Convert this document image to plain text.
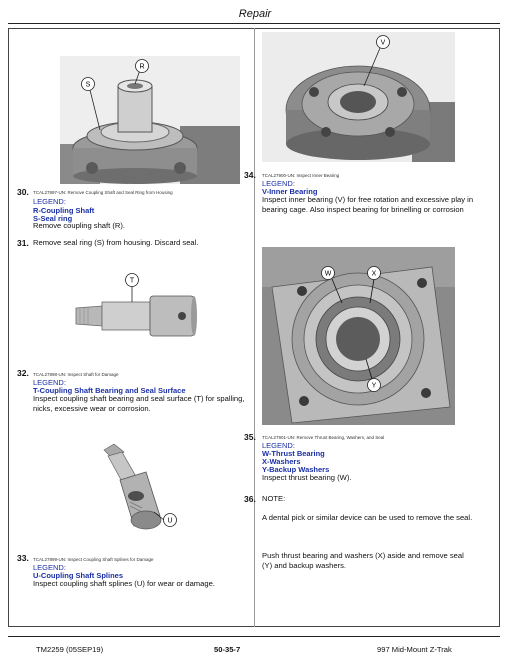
Repair
R
S
30. TCAL27897-UN: Remove Coupling Shaft and Seal Ring from Housing
LEGEND:
R-Coupling Shaft
S-Seal ring
Remove coupling shaft (R).
31. Remove seal ring (S) from housing. Discard seal.
T
32. TCAL27898-UN: Inspect Shaft for Damage
LEGEND:
T-Coupling Shaft Bearing and Seal Surface
Inspect coupling shaft bearing and seal surface (T) for spalling, nicks, excessive wear or corrosion.
U
33. TCAL27899-UN: Inspect Coupling Shaft Splines for Damage
LEGEND:
U-Coupling Shaft Splines
Inspect coupling shaft splines (U) for wear or damage.
V
34. TCAL27900-UN: Inspect Inner Bearing
LEGEND:
V-Inner Bearing
Inspect inner bearing (V) for free rotation and excessive play in bearing cage. Also inspect bearing for brinelling or corrosion
W	X
Y
35. TCAL27901-UN: Remove Thrust Bearing, Washers, and Seal
LEGEND:
W-Thrust Bearing
X-Washers
Y-Backup Washers
Inspect thrust bearing (W).
36. NOTE:
A dental pick or similar device can be used to remove the seal.
Push thrust bearing and washers (X) aside and remove seal (Y) and backup washers.
TM2259 (05SEP19)	50-35-7	997 Mid-Mount Z-Trak
